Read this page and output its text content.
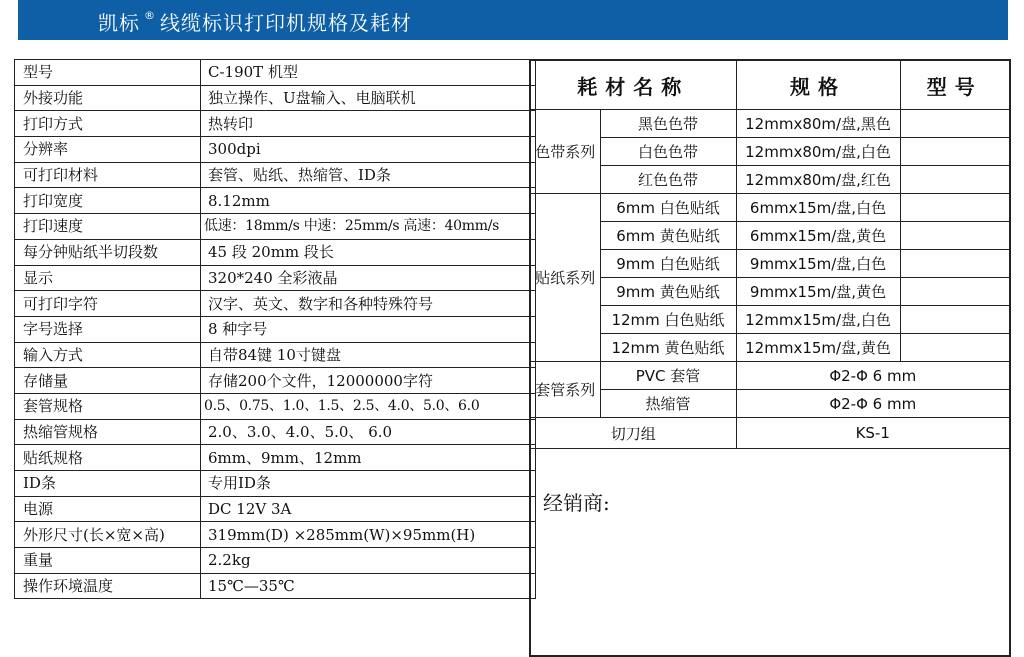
凯标 ® 线缆标识打印机规格及耗材
型号	C-190T 机型
外接功能	独立操作、U盘输入、电脑联机
打印方式	热转印
分辨率	300dpi
可打印材料	套管、贴纸、热缩管、ID条
打印宽度	8.12mm
打印速度	低速：18mm/s 中速：25mm/s 高速：40mm/s
每分钟贴纸半切段数	45 段 20mm 段长
显示	320*240 全彩液晶
可打印字符	汉字、英文、数字和各种特殊符号
字号选择	8 种字号
输入方式	自带84键 10寸键盘
存储量	存储200个文件，12000000字符
套管规格	0.5、0.75、1.0、1.5、2.5、4.0、5.0、6.0
热缩管规格	2.0、3.0、4.0、5.0、 6.0
贴纸规格	6mm、9mm、12mm
ID条	专用ID条
电源	DC 12V 3A
外形尺寸(长×宽×高)	319mm(D) ×285mm(W)×95mm(H)
重量	2.2kg
操作环境温度	15℃—35℃
耗材名称		规格	型号
色带系列	黑色色带	12mmx80m/盘,黑色	
	白色色带	12mmx80m/盘,白色	
	红色色带	12mmx80m/盘,红色	
贴纸系列	6mm 白色贴纸	6mmx15m/盘,白色	
	6mm 黄色贴纸	6mmx15m/盘,黄色	
	9mm 白色贴纸	9mmx15m/盘,白色	
	9mm 黄色贴纸	9mmx15m/盘,黄色	
	12mm 白色贴纸	12mmx15m/盘,白色	
	12mm 黄色贴纸	12mmx15m/盘,黄色	
套管系列	PVC 套管	Φ2-Φ 6 mm	
	热缩管	Φ2-Φ 6 mm	
切刀组		KS-1	
经销商:			
